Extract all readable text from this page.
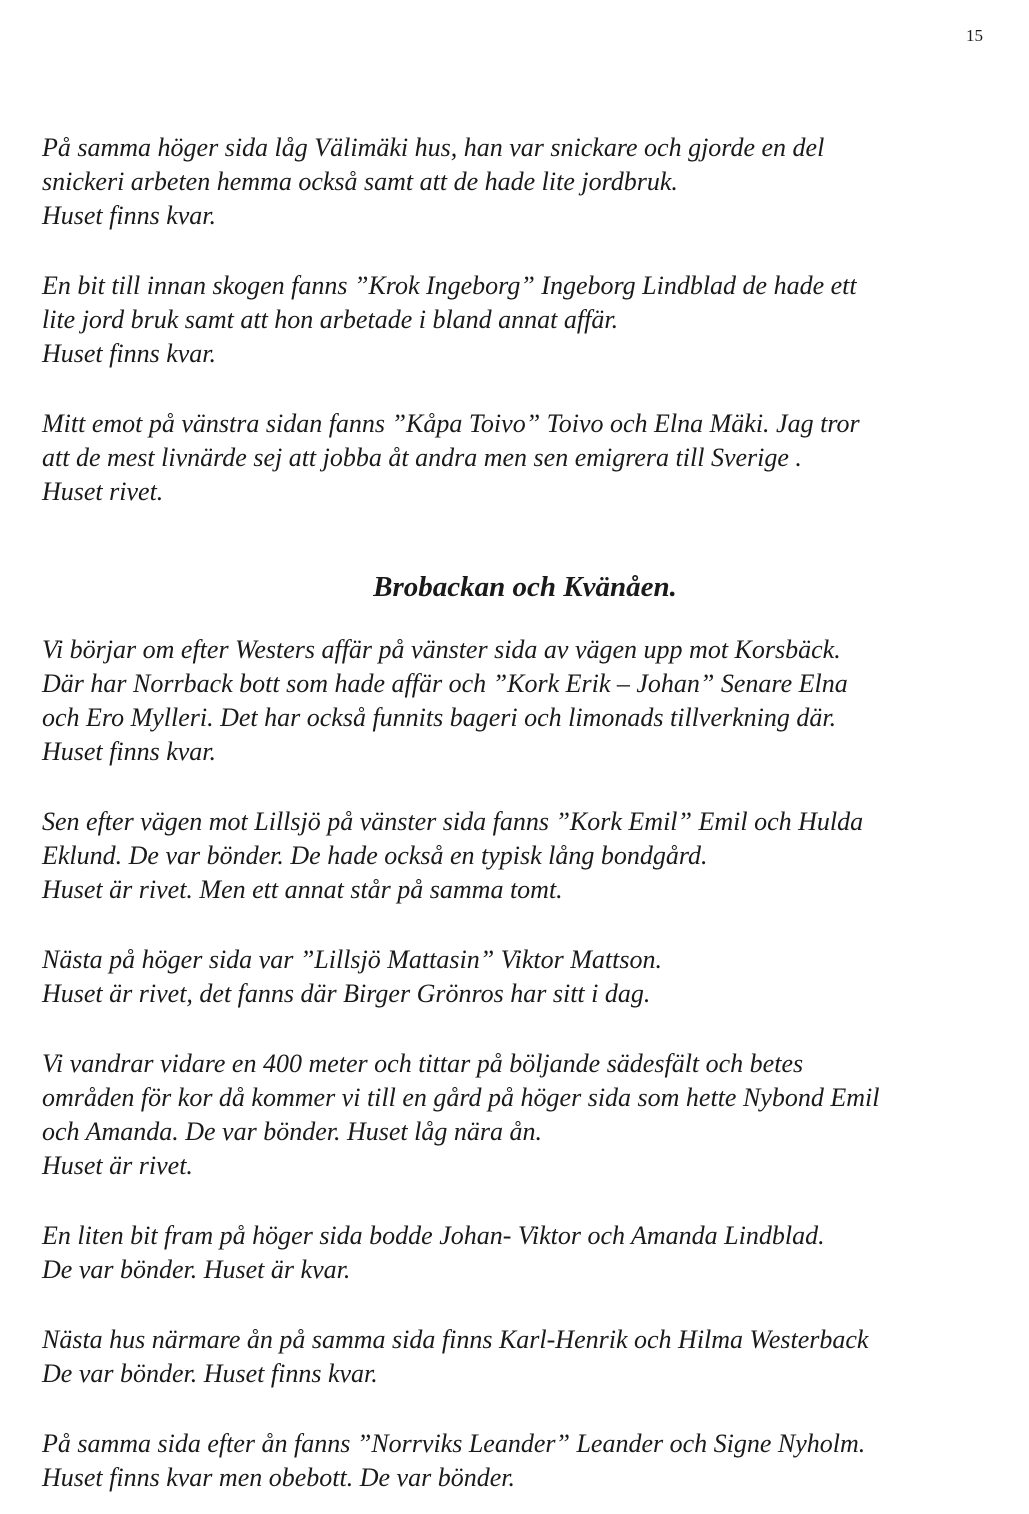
15

På samma höger sida låg Välimäki hus, han var snickare och gjorde en del
snickeri arbeten hemma också samt att de hade lite jordbruk.
Huset finns kvar.

En bit till innan skogen fanns ”Krok Ingeborg” Ingeborg Lindblad de hade ett
lite jord bruk samt att hon arbetade i bland annat affär.
Huset finns kvar.

Mitt emot på vänstra sidan fanns ”Kåpa Toivo” Toivo och Elna Mäki. Jag tror
att de mest livnärde sej att jobba åt andra men sen emigrera till Sverige .
Huset rivet.

Brobackan och Kvänåen.

Vi börjar om efter Westers affär på vänster sida av vägen upp mot Korsbäck.
Där har Norrback bott som hade affär och ”Kork Erik – Johan” Senare Elna
och Ero Mylleri. Det har också funnits bageri och limonads tillverkning där.
Huset finns kvar.

Sen efter vägen mot Lillsjö på vänster sida fanns ”Kork Emil” Emil och Hulda
Eklund. De var bönder. De hade också en typisk lång bondgård.
Huset är rivet. Men ett annat står på samma tomt.

Nästa på höger sida var ”Lillsjö Mattasin” Viktor Mattson.
Huset är rivet, det fanns där Birger Grönros har sitt i dag.

Vi vandrar vidare en 400 meter och tittar på böljande sädesfält och betes
områden för kor då kommer vi till en gård på höger sida som hette Nybond Emil
och Amanda. De var bönder. Huset låg nära ån.
Huset är rivet.

En liten bit fram på höger sida bodde Johan- Viktor och Amanda Lindblad.
De var bönder. Huset är kvar.

Nästa hus närmare ån på samma sida finns Karl-Henrik och Hilma Westerback
De var bönder. Huset finns kvar.

På samma sida efter ån fanns ”Norrviks Leander” Leander och Signe Nyholm.
Huset finns kvar men obebott. De var bönder.
